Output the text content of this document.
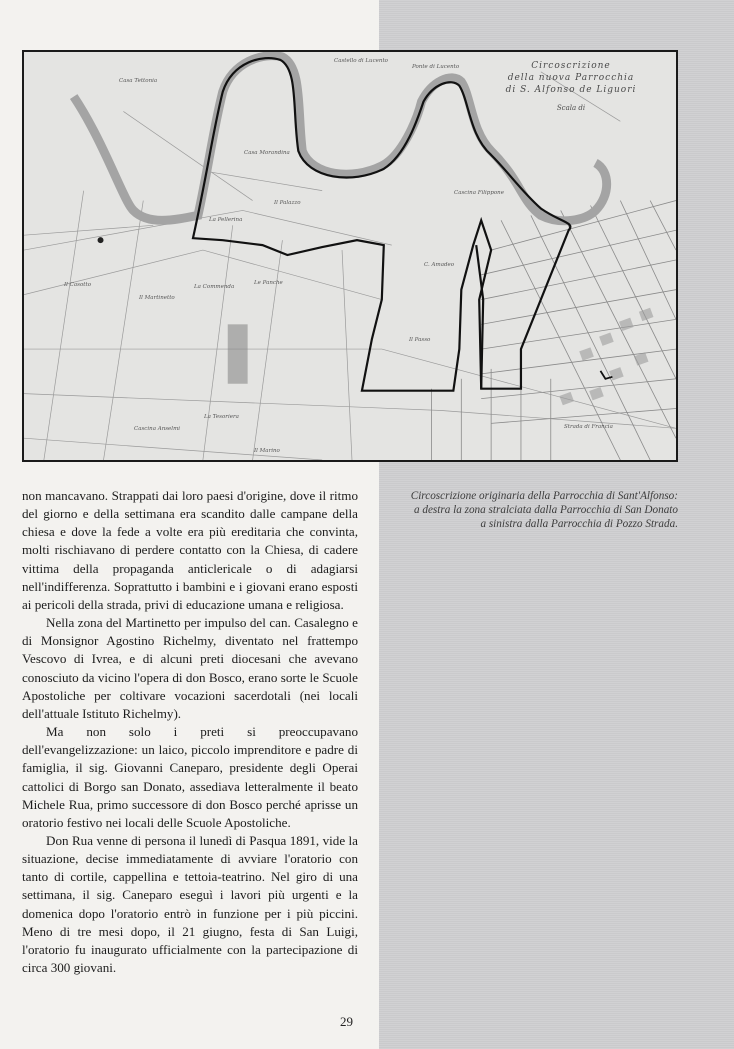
Circoscrizione
della nuova Parrocchia
di S. Alfonso de Liguori
Scala di
Castello di Lucento
Ponte di Lucento
Casa Tettonia
Casa Morandina
Il Palazzo
La Pellerina
Cascina Filippone
Il Casotto
Il Martinetto
La Commenda
Le Panche
La Tesoriera
Cascina Anselmi
Il Passo
C. Amadeo
Il Marino
Strada di Francia
Circoscrizione originaria della Parrocchia di Sant'Alfonso:
a destra la zona stralciata dalla Parrocchia di San Donato
a sinistra dalla Parrocchia di Pozzo Strada.

non mancavano. Strappati dai loro paesi d'origine, dove il ritmo del giorno e della settimana era scandito dalle campane della chiesa e dove la fede a volte era più ereditaria che convinta, molti rischiavano di perdere contatto con la Chiesa, di cadere vittima della propaganda anticlericale o di adagiarsi nell'indifferenza. Soprattutto i bambini e i giovani erano esposti ai pericoli della strada, privi di educazione umana e religiosa.

Nella zona del Martinetto per impulso del can. Casalegno e di Monsignor Agostino Richelmy, diventato nel frattempo Vescovo di Ivrea, e di alcuni preti diocesani che avevano conosciuto da vicino l'opera di don Bosco, erano sorte le Scuole Apostoliche per coltivare vocazioni sacerdotali (nei locali dell'attuale Istituto Richelmy).

Ma non solo i preti si preoccupavano dell'evangelizzazione: un laico, piccolo imprenditore e padre di famiglia, il sig. Giovanni Caneparo, presidente degli Operai cattolici di Borgo san Donato, assediava letteralmente il beato Michele Rua, primo successore di don Bosco perché aprisse un oratorio festivo nei locali delle Scuole Apostoliche.

Don Rua venne di persona il lunedì di Pasqua 1891, vide la situazione, decise immediatamente di avviare l'oratorio con tanto di cortile, cappellina e tettoia-teatrino. Nel giro di una settimana, il sig. Caneparo eseguì i lavori più urgenti e la domenica dopo l'oratorio entrò in funzione per i più piccini. Meno di tre mesi dopo, il 21 giugno, festa di San Luigi, l'oratorio fu inaugurato ufficialmente con la partecipazione di circa 300 giovani.

29
